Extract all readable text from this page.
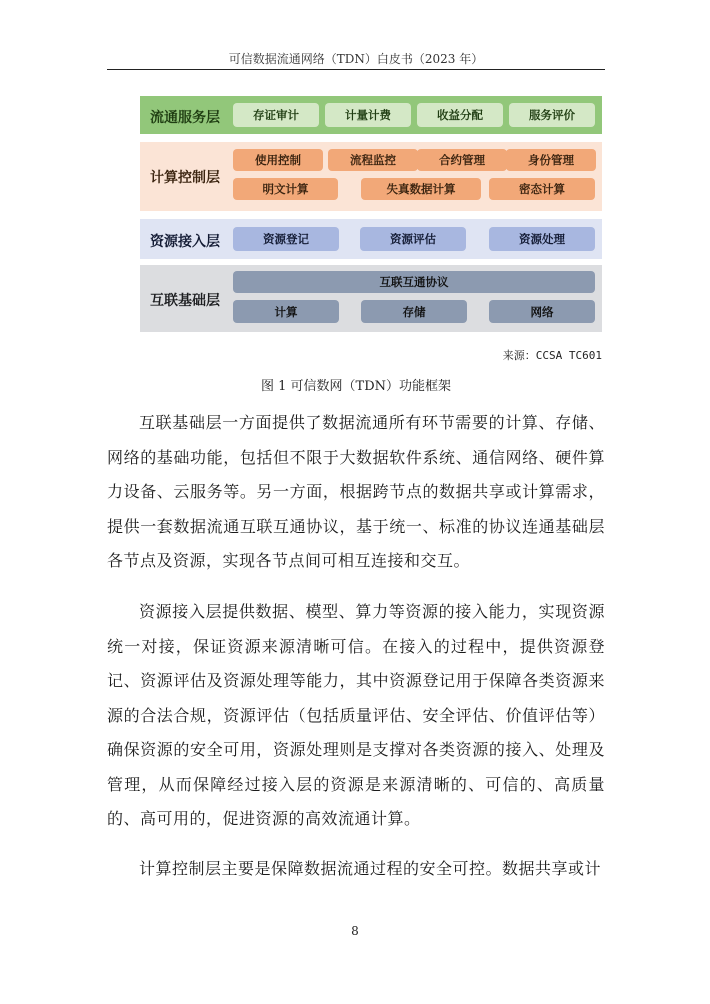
可信数据流通网络（TDN）白皮书（2023 年）
流通服务层	存证审计	计量计费	收益分配	服务评价
计算控制层
使用控制	流程监控	合约管理	身份管理
明文计算	失真数据计算	密态计算
资源接入层	资源登记	资源评估	资源处理
互联基础层
互联互通协议
计算	存储	网络
来源：CCSA TC601
图 1 可信数网（TDN）功能框架
互联基础层一方面提供了数据流通所有环节需要的计算、存储、网络的基础功能，包括但不限于大数据软件系统、通信网络、硬件算力设备、云服务等。另一方面，根据跨节点的数据共享或计算需求，提供一套数据流通互联互通协议，基于统一、标准的协议连通基础层各节点及资源，实现各节点间可相互连接和交互。
资源接入层提供数据、模型、算力等资源的接入能力，实现资源统一对接，保证资源来源清晰可信。在接入的过程中，提供资源登记、资源评估及资源处理等能力，其中资源登记用于保障各类资源来源的合法合规，资源评估（包括质量评估、安全评估、价值评估等）确保资源的安全可用，资源处理则是支撑对各类资源的接入、处理及管理，从而保障经过接入层的资源是来源清晰的、可信的、高质量的、高可用的，促进资源的高效流通计算。
计算控制层主要是保障数据流通过程的安全可控。数据共享或计
8
